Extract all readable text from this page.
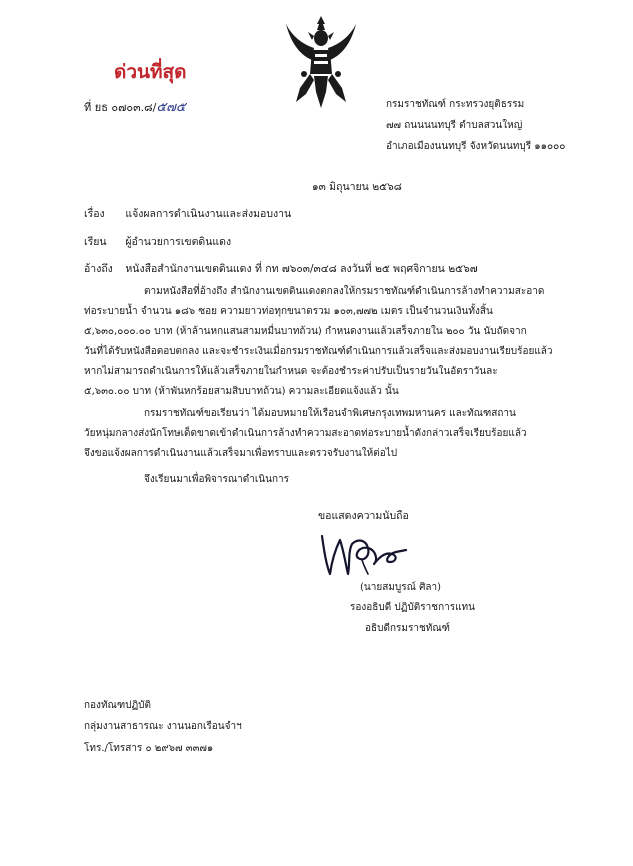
ด่วนที่สุด
ที่ ยธ ๐๗๐๓.๘/๕๗๕	กรมราชทัณฑ์ กระทรวงยุติธรรม
๗๗ ถนนนนทบุรี ตำบลสวนใหญ่
อำเภอเมืองนนทบุรี จังหวัดนนทบุรี ๑๑๐๐๐
๑๓ มิถุนายน ๒๕๖๘
เรื่อง แจ้งผลการดำเนินงานและส่งมอบงาน
เรียน ผู้อำนวยการเขตดินแดง
อ้างถึง หนังสือสำนักงานเขตดินแดง ที่ กท ๗๖๐๓/๓๔๘ ลงวันที่ ๒๕ พฤศจิกายน ๒๕๖๗
ตามหนังสือที่อ้างถึง สำนักงานเขตดินแดงตกลงให้กรมราชทัณฑ์ดำเนินการล้างทำความสะอาด
ท่อระบายน้ำ จำนวน ๑๘๖ ซอย ความยาวท่อทุกขนาดรวม ๑๐๓,๗๗๒ เมตร เป็นจำนวนเงินทั้งสิ้น
๕,๖๓๐,๐๐๐.๐๐ บาท (ห้าล้านหกแสนสามหมื่นบาทถ้วน) กำหนดงานแล้วเสร็จภายใน ๒๐๐ วัน นับถัดจาก
วันที่ได้รับหนังสือตอบตกลง และจะชำระเงินเมื่อกรมราชทัณฑ์ดำเนินการแล้วเสร็จและส่งมอบงานเรียบร้อยแล้ว
หากไม่สามารถดำเนินการให้แล้วเสร็จภายในกำหนด จะต้องชำระค่าปรับเป็นรายวันในอัตราวันละ
๕,๖๓๐.๐๐ บาท (ห้าพันหกร้อยสามสิบบาทถ้วน) ความละเอียดแจ้งแล้ว นั้น
กรมราชทัณฑ์ขอเรียนว่า ได้มอบหมายให้เรือนจำพิเศษกรุงเทพมหานคร และทัณฑสถาน
วัยหนุ่มกลางส่งนักโทษเด็ดขาดเข้าดำเนินการล้างทำความสะอาดท่อระบายน้ำดังกล่าวเสร็จเรียบร้อยแล้ว
จึงขอแจ้งผลการดำเนินงานแล้วเสร็จมาเพื่อทราบและตรวจรับงานให้ต่อไป
จึงเรียนมาเพื่อพิจารณาดำเนินการ
ขอแสดงความนับถือ
(นายสมบูรณ์ ศิลา)
รองอธิบดี ปฏิบัติราชการแทน
อธิบดีกรมราชทัณฑ์
กองทัณฑปฏิบัติ
กลุ่มงานสาธารณะ งานนอกเรือนจำฯ
โทร./โทรสาร ๐ ๒๙๖๗ ๓๓๗๑
